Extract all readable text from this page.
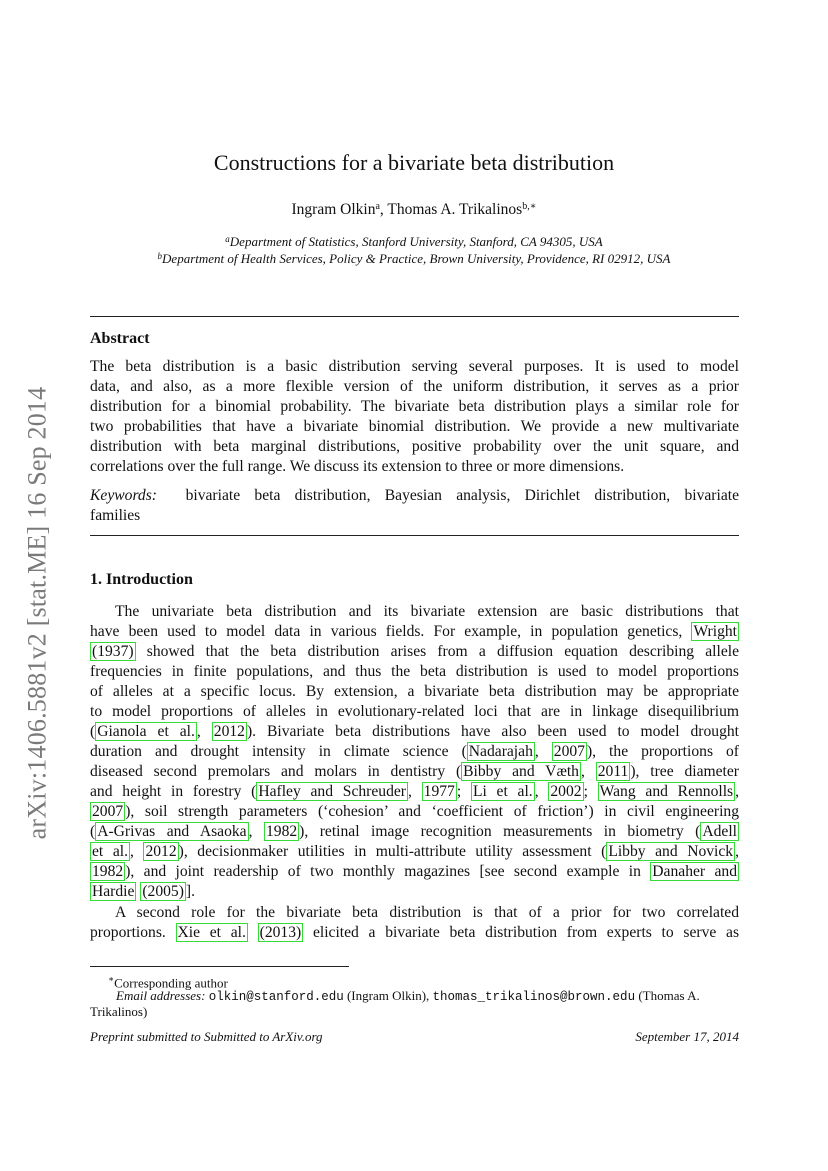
arXiv:1406.5881v2 [stat.ME] 16 Sep 2014
Constructions for a bivariate beta distribution
Ingram Olkin$^a$, Thomas A. Trikalinos$^{b,∗}$
$^a$Department of Statistics, Stanford University, Stanford, CA 94305, USA
$^b$Department of Health Services, Policy & Practice, Brown University, Providence, RI 02912, USA
Abstract
The beta distribution is a basic distribution serving several purposes. It is used to model
data, and also, as a more flexible version of the uniform distribution, it serves as a prior
distribution for a binomial probability. The bivariate beta distribution plays a similar role for
two probabilities that have a bivariate binomial distribution. We provide a new multivariate
distribution with beta marginal distributions, positive probability over the unit square, and
correlations over the full range. We discuss its extension to three or more dimensions.
Keywords: bivariate beta distribution, Bayesian analysis, Dirichlet distribution, bivariate
families
1. Introduction
The univariate beta distribution and its bivariate extension are basic distributions that
have been used to model data in various fields. For example, in population genetics, Wright
(1937) showed that the beta distribution arises from a diffusion equation describing allele
frequencies in finite populations, and thus the beta distribution is used to model proportions
of alleles at a specific locus. By extension, a bivariate beta distribution may be appropriate
to model proportions of alleles in evolutionary-related loci that are in linkage disequilibrium
( Gianola et al. , 2012 ). Bivariate beta distributions have also been used to model drought
duration and drought intensity in climate science ( Nadarajah , 2007 ), the proportions of
diseased second premolars and molars in dentistry ( Bibby and Væth , 2011 ), tree diameter
and height in forestry ( Hafley and Schreuder , 1977 ; Li et al. , 2002 ; Wang and Rennolls ,
2007 ), soil strength parameters (‘cohesion’ and ‘coefficient of friction’) in civil engineering
( A-Grivas and Asaoka , 1982 ), retinal image recognition measurements in biometry ( Adell
et al. , 2012 ), decisionmaker utilities in multi-attribute utility assessment ( Libby and Novick ,
1982 ), and joint readership of two monthly magazines [see second example in Danaher and
Hardie (2005) ].
A second role for the bivariate beta distribution is that of a prior for two correlated
proportions. Xie et al. (2013) elicited a bivariate beta distribution from experts to serve as
∗Corresponding author
Email addresses: olkin@stanford.edu (Ingram Olkin), thomas_trikalinos@brown.edu (Thomas A.
Trikalinos)
Preprint submitted to Submitted to ArXiv.org	September 17, 2014
